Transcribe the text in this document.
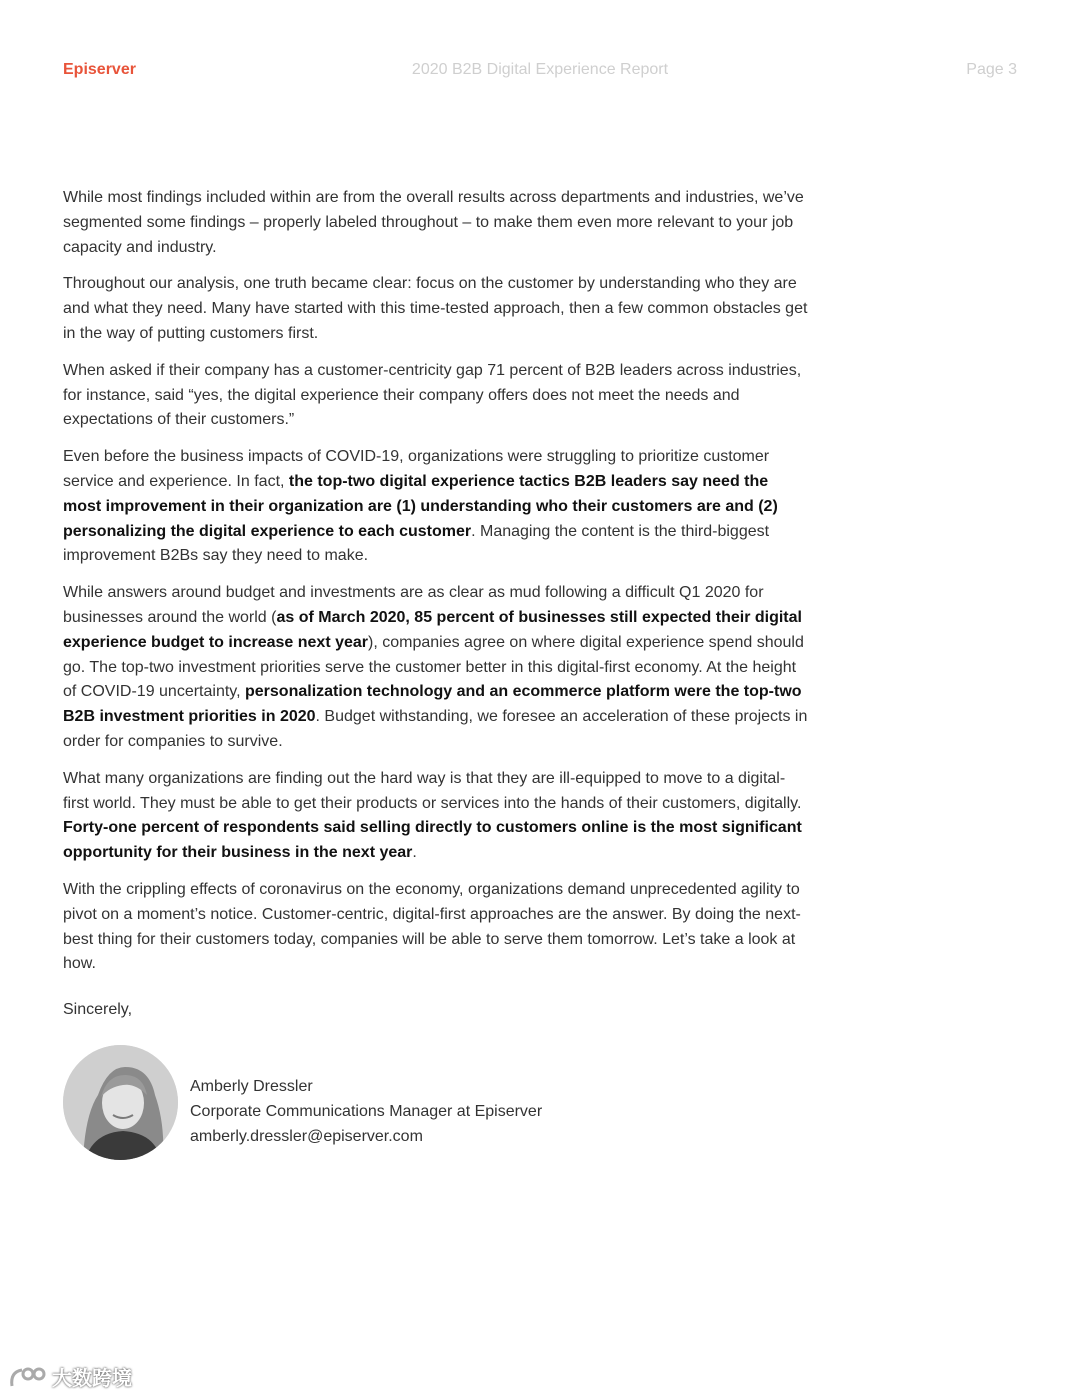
Episerver	2020 B2B Digital Experience Report	Page 3

While most findings included within are from the overall results across departments and industries, we’ve segmented some findings – properly labeled throughout – to make them even more relevant to your job capacity and industry.

Throughout our analysis, one truth became clear: focus on the customer by understanding who they are and what they need. Many have started with this time-tested approach, then a few common obstacles get in the way of putting customers first.

When asked if their company has a customer-centricity gap 71 percent of B2B leaders across industries, for instance, said “yes, the digital experience their company offers does not meet the needs and expectations of their customers.”

Even before the business impacts of COVID-19, organizations were struggling to prioritize customer service and experience. In fact, the top-two digital experience tactics B2B leaders say need the most improvement in their organization are (1) understanding who their customers are and (2) personalizing the digital experience to each customer. Managing the content is the third-biggest improvement B2Bs say they need to make.

While answers around budget and investments are as clear as mud following a difficult Q1 2020 for businesses around the world (as of March 2020, 85 percent of businesses still expected their digital experience budget to increase next year), companies agree on where digital experience spend should go. The top-two investment priorities serve the customer better in this digital-first economy. At the height of COVID-19 uncertainty, personalization technology and an ecommerce platform were the top-two B2B investment priorities in 2020. Budget withstanding, we foresee an acceleration of these projects in order for companies to survive.

What many organizations are finding out the hard way is that they are ill-equipped to move to a digital-first world. They must be able to get their products or services into the hands of their customers, digitally. Forty-one percent of respondents said selling directly to customers online is the most significant opportunity for their business in the next year.

With the crippling effects of coronavirus on the economy, organizations demand unprecedented agility to pivot on a moment’s notice. Customer-centric, digital-first approaches are the answer. By doing the next-best thing for their customers today, companies will be able to serve them tomorrow. Let’s take a look at how.

Sincerely,

Amberly Dressler
Corporate Communications Manager at Episerver
amberly.dressler@episerver.com
大数跨境
